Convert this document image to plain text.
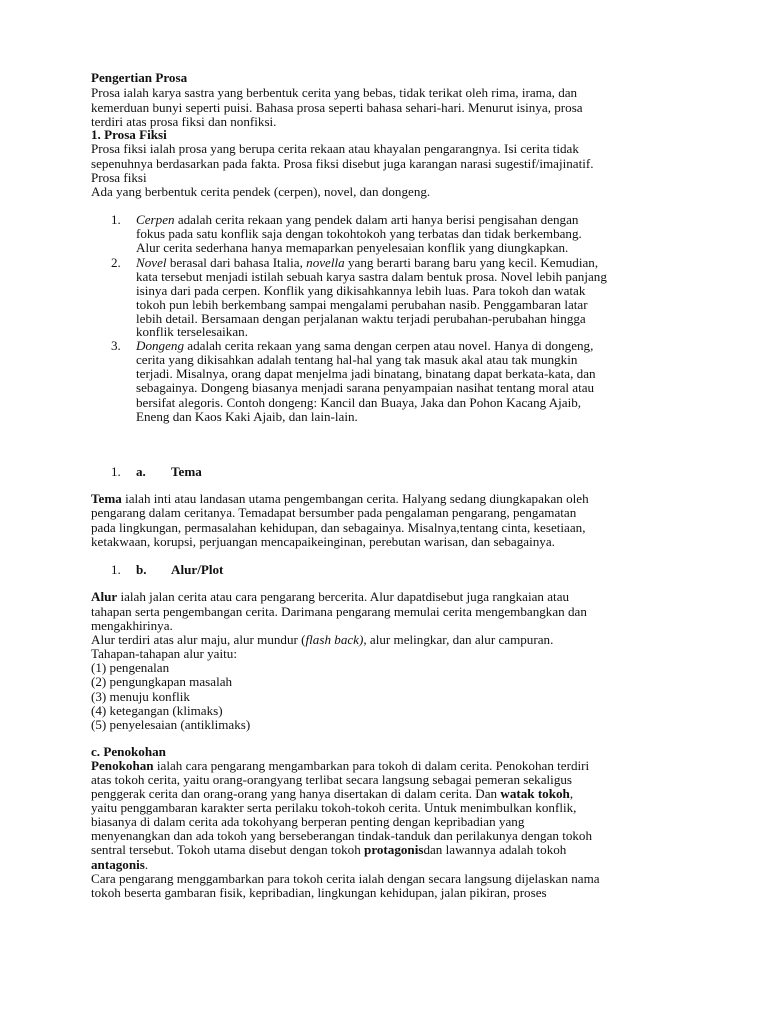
Pengertian Prosa
Prosa ialah karya sastra yang berbentuk cerita yang bebas, tidak terikat oleh rima, irama, dan
kemerduan bunyi seperti puisi. Bahasa prosa seperti bahasa sehari-hari. Menurut isinya, prosa
terdiri atas prosa fiksi dan nonfiksi.
1. Prosa Fiksi
Prosa fiksi ialah prosa yang berupa cerita rekaan atau khayalan pengarangnya. Isi cerita tidak
sepenuhnya berdasarkan pada fakta. Prosa fiksi disebut juga karangan narasi sugestif/imajinatif.
Prosa fiksi
Ada yang berbentuk cerita pendek (cerpen), novel, dan dongeng.
1. Cerpen adalah cerita rekaan yang pendek dalam arti hanya berisi pengisahan dengan
fokus pada satu konflik saja dengan tokohtokoh yang terbatas dan tidak berkembang.
Alur cerita sederhana hanya memaparkan penyelesaian konflik yang diungkapkan.
2. Novel berasal dari bahasa Italia, novella yang berarti barang baru yang kecil. Kemudian,
kata tersebut menjadi istilah sebuah karya sastra dalam bentuk prosa. Novel lebih panjang
isinya dari pada cerpen. Konflik yang dikisahkannya lebih luas. Para tokoh dan watak
tokoh pun lebih berkembang sampai mengalami perubahan nasib. Penggambaran latar
lebih detail. Bersamaan dengan perjalanan waktu terjadi perubahan-perubahan hingga
konflik terselesaikan.
3. Dongeng adalah cerita rekaan yang sama dengan cerpen atau novel. Hanya di dongeng,
cerita yang dikisahkan adalah tentang hal-hal yang tak masuk akal atau tak mungkin
terjadi. Misalnya, orang dapat menjelma jadi binatang, binatang dapat berkata-kata, dan
sebagainya. Dongeng biasanya menjadi sarana penyampaian nasihat tentang moral atau
bersifat alegoris. Contoh dongeng: Kancil dan Buaya, Jaka dan Pohon Kacang Ajaib,
Eneng dan Kaos Kaki Ajaib, dan lain-lain.
1. a. Tema
Tema ialah inti atau landasan utama pengembangan cerita. Halyang sedang diungkapakan oleh
pengarang dalam ceritanya. Temadapat bersumber pada pengalaman pengarang, pengamatan
pada lingkungan, permasalahan kehidupan, dan sebagainya. Misalnya,tentang cinta, kesetiaan,
ketakwaan, korupsi, perjuangan mencapaikeinginan, perebutan warisan, dan sebagainya.
1. b. Alur/Plot
Alur ialah jalan cerita atau cara pengarang bercerita. Alur dapatdisebut juga rangkaian atau
tahapan serta pengembangan cerita. Darimana pengarang memulai cerita mengembangkan dan
mengakhirinya.
Alur terdiri atas alur maju, alur mundur (flash back), alur melingkar, dan alur campuran.
Tahapan-tahapan alur yaitu:
(1) pengenalan
(2) pengungkapan masalah
(3) menuju konflik
(4) ketegangan (klimaks)
(5) penyelesaian (antiklimaks)
c. Penokohan
Penokohan ialah cara pengarang mengambarkan para tokoh di dalam cerita. Penokohan terdiri
atas tokoh cerita, yaitu orang-orangyang terlibat secara langsung sebagai pemeran sekaligus
penggerak cerita dan orang-orang yang hanya disertakan di dalam cerita. Dan watak tokoh,
yaitu penggambaran karakter serta perilaku tokoh-tokoh cerita. Untuk menimbulkan konflik,
biasanya di dalam cerita ada tokohyang berperan penting dengan kepribadian yang
menyenangkan dan ada tokoh yang berseberangan tindak-tanduk dan perilakunya dengan tokoh
sentral tersebut. Tokoh utama disebut dengan tokoh protagonisdan lawannya adalah tokoh
antagonis.
Cara pengarang menggambarkan para tokoh cerita ialah dengan secara langsung dijelaskan nama
tokoh beserta gambaran fisik, kepribadian, lingkungan kehidupan, jalan pikiran, proses
